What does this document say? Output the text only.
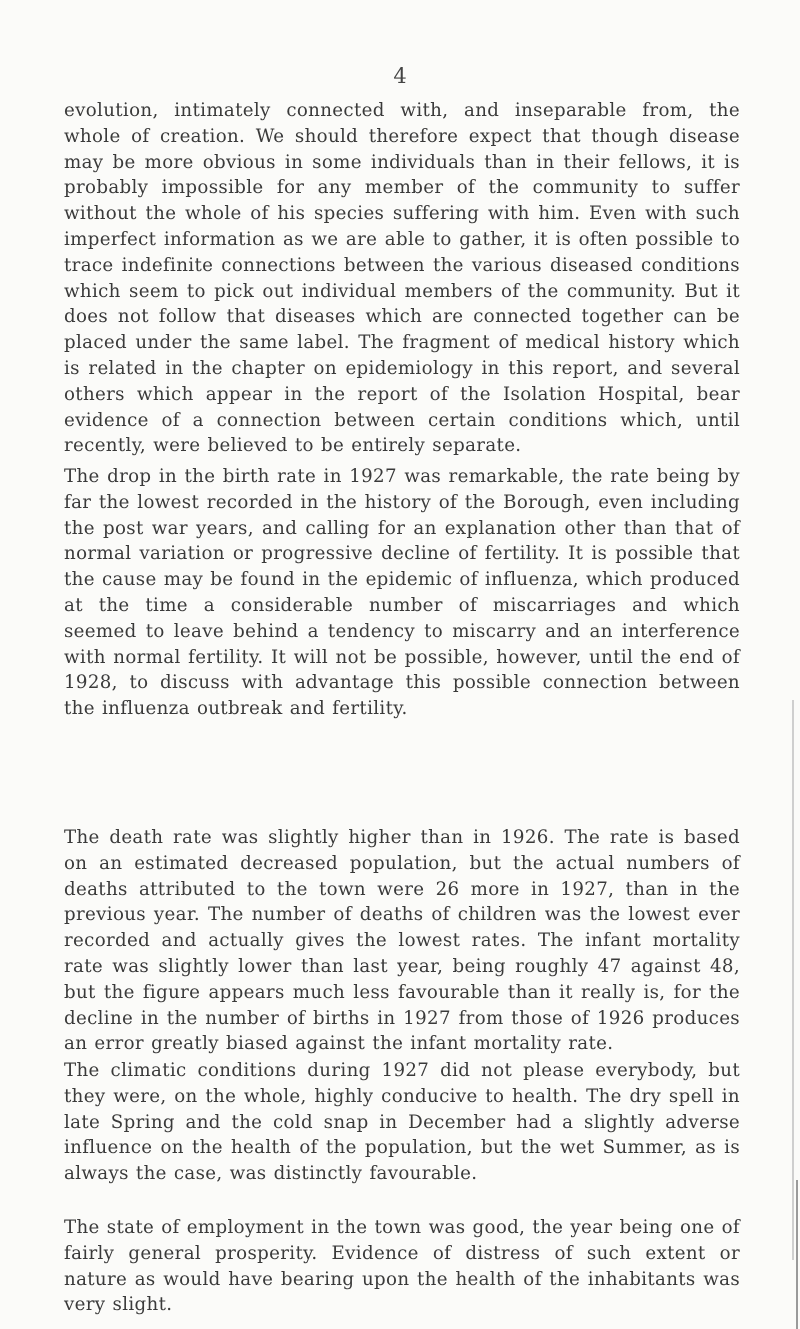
4

evolution, intimately connected with, and inseparable from, the whole of creation. We should therefore expect that though disease may be more obvious in some individuals than in their fellows, it is probably impossible for any member of the community to suffer without the whole of his species suffering with him. Even with such imperfect information as we are able to gather, it is often possible to trace indefinite connections between the various diseased conditions which seem to pick out individual members of the community. But it does not follow that diseases which are connected together can be placed under the same label. The fragment of medical history which is related in the chapter on epidemiology in this report, and several others which appear in the report of the Isolation Hospital, bear evidence of a connection between certain conditions which, until recently, were believed to be entirely separate.

The drop in the birth rate in 1927 was remarkable, the rate being by far the lowest recorded in the history of the Borough, even including the post war years, and calling for an explanation other than that of normal variation or progressive decline of fertility. It is possible that the cause may be found in the epidemic of influenza, which produced at the time a considerable number of miscarriages and which seemed to leave behind a tendency to miscarry and an interference with normal fertility. It will not be possible, however, until the end of 1928, to discuss with advantage this possible connection between the influenza outbreak and fertility.

The death rate was slightly higher than in 1926. The rate is based on an estimated decreased population, but the actual numbers of deaths attributed to the town were 26 more in 1927, than in the previous year. The number of deaths of children was the lowest ever recorded and actually gives the lowest rates. The infant mortality rate was slightly lower than last year, being roughly 47 against 48, but the figure appears much less favourable than it really is, for the decline in the number of births in 1927 from those of 1926 produces an error greatly biased against the infant mortality rate.

The climatic conditions during 1927 did not please everybody, but they were, on the whole, highly conducive to health. The dry spell in late Spring and the cold snap in December had a slightly adverse influence on the health of the population, but the wet Summer, as is always the case, was distinctly favourable.

The state of employment in the town was good, the year being one of fairly general prosperity. Evidence of distress of such extent or nature as would have bearing upon the health of the inhabitants was very slight.
